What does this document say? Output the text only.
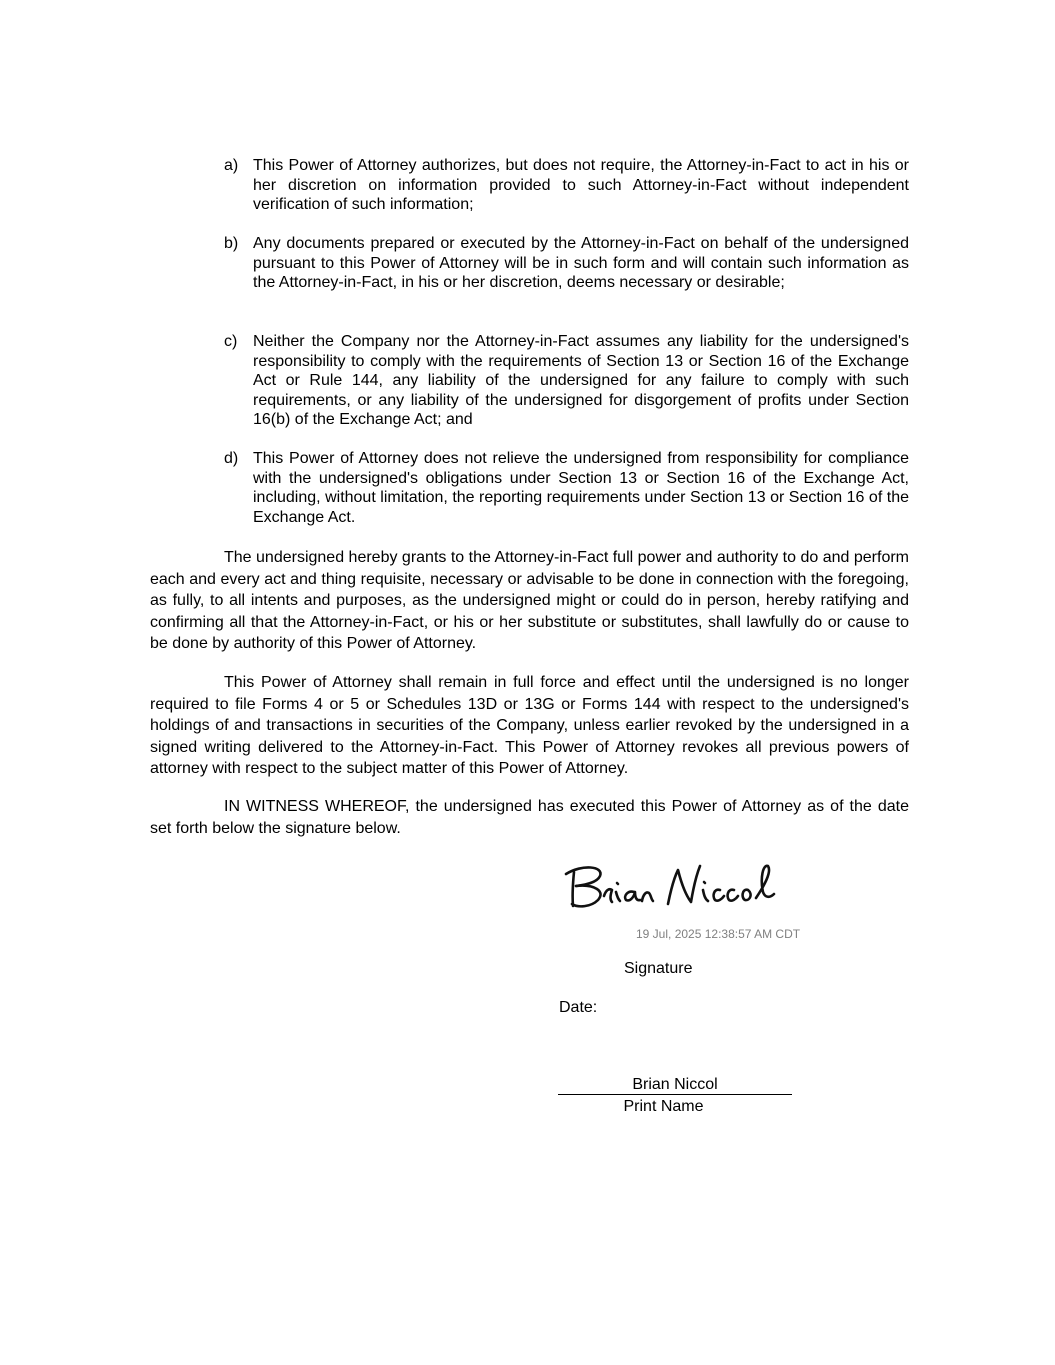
a) This Power of Attorney authorizes, but does not require, the Attorney-in-Fact to act in his or her discretion on information provided to such Attorney-in-Fact without independent verification of such information;
b) Any documents prepared or executed by the Attorney-in-Fact on behalf of the undersigned pursuant to this Power of Attorney will be in such form and will contain such information as the Attorney-in-Fact, in his or her discretion, deems necessary or desirable;
c) Neither the Company nor the Attorney-in-Fact assumes any liability for the undersigned's responsibility to comply with the requirements of Section 13 or Section 16 of the Exchange Act or Rule 144, any liability of the undersigned for any failure to comply with such requirements, or any liability of the undersigned for disgorgement of profits under Section 16(b) of the Exchange Act; and
d) This Power of Attorney does not relieve the undersigned from responsibility for compliance with the undersigned's obligations under Section 13 or Section 16 of the Exchange Act, including, without limitation, the reporting requirements under Section 13 or Section 16 of the Exchange Act.

The undersigned hereby grants to the Attorney-in-Fact full power and authority to do and perform each and every act and thing requisite, necessary or advisable to be done in connection with the foregoing, as fully, to all intents and purposes, as the undersigned might or could do in person, hereby ratifying and confirming all that the Attorney-in-Fact, or his or her substitute or substitutes, shall lawfully do or cause to be done by authority of this Power of Attorney.

This Power of Attorney shall remain in full force and effect until the undersigned is no longer required to file Forms 4 or 5 or Schedules 13D or 13G or Forms 144 with respect to the undersigned's holdings of and transactions in securities of the Company, unless earlier revoked by the undersigned in a signed writing delivered to the Attorney-in-Fact. This Power of Attorney revokes all previous powers of attorney with respect to the subject matter of this Power of Attorney.

IN WITNESS WHEREOF, the undersigned has executed this Power of Attorney as of the date set forth below the signature below.

19 Jul, 2025 12:38:57 AM CDT
Signature
Date:
Brian Niccol
Print Name
